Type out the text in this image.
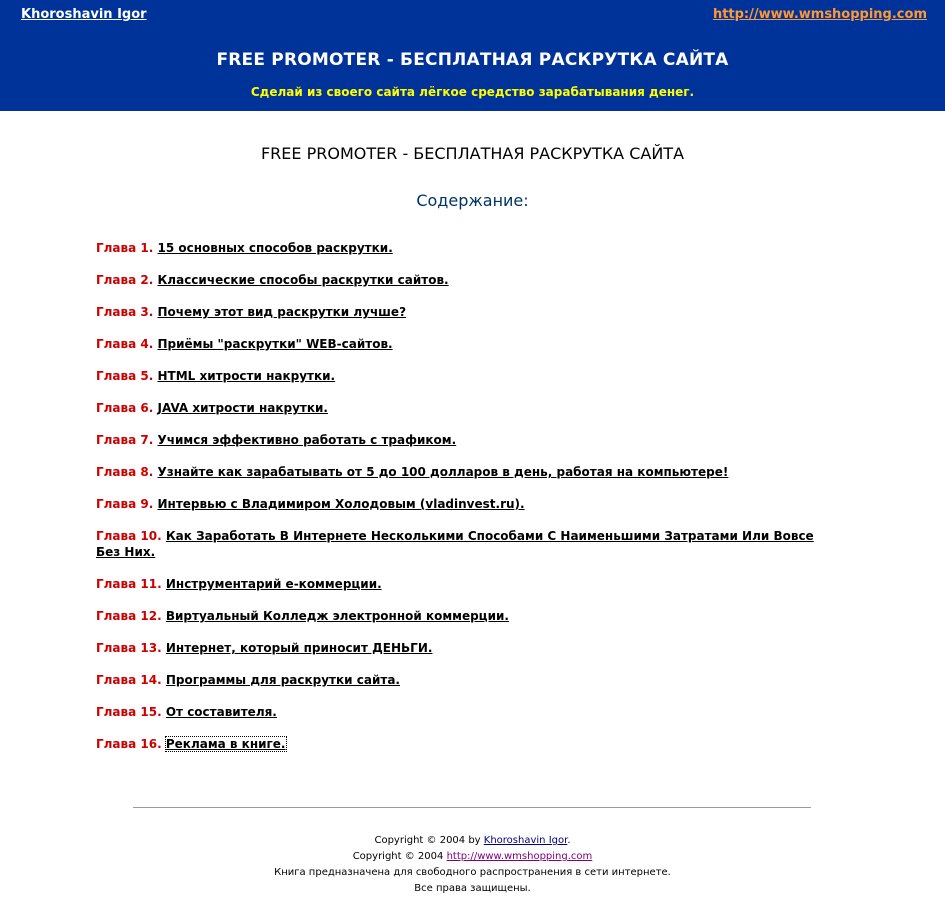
Khoroshavin Igor	http://www.wmshopping.com
FREE PROMOTER - БЕСПЛАТНАЯ РАСКРУТКА САЙТА
Сделай из своего сайта лёгкое средство зарабатывания денег.
FREE PROMOTER - БЕСПЛАТНАЯ РАСКРУТКА САЙТА
Содержание:
Глава 1. 15 основных способов раскрутки.
Глава 2. Классические способы раскрутки сайтов.
Глава 3. Почему этот вид раскрутки лучше?
Глава 4. Приёмы "раскрутки" WEB-сайтов.
Глава 5. HTML хитрости накрутки.
Глава 6. JAVA хитрости накрутки.
Глава 7. Учимся эффективно работать с трафиком.
Глава 8. Узнайте как зарабатывать от 5 до 100 долларов в день, работая на компьютере!
Глава 9. Интервью с Владимиром Холодовым (vladinvest.ru).
Глава 10. Как Заработать В Интернете Несколькими Способами С Наименьшими Затратами Или Вовсе Без Них.
Глава 11. Инструментарий е-коммерции.
Глава 12. Виртуальный Колледж электронной коммерции.
Глава 13. Интернет, который приносит ДЕНЬГИ.
Глава 14. Программы для раскрутки сайта.
Глава 15. От составителя.
Глава 16. Реклама в книге.
Copyright © 2004 by Khoroshavin Igor.
Copyright © 2004 http://www.wmshopping.com
Книга предназначена для свободного распространения в сети интернете.
Все права защищены.
